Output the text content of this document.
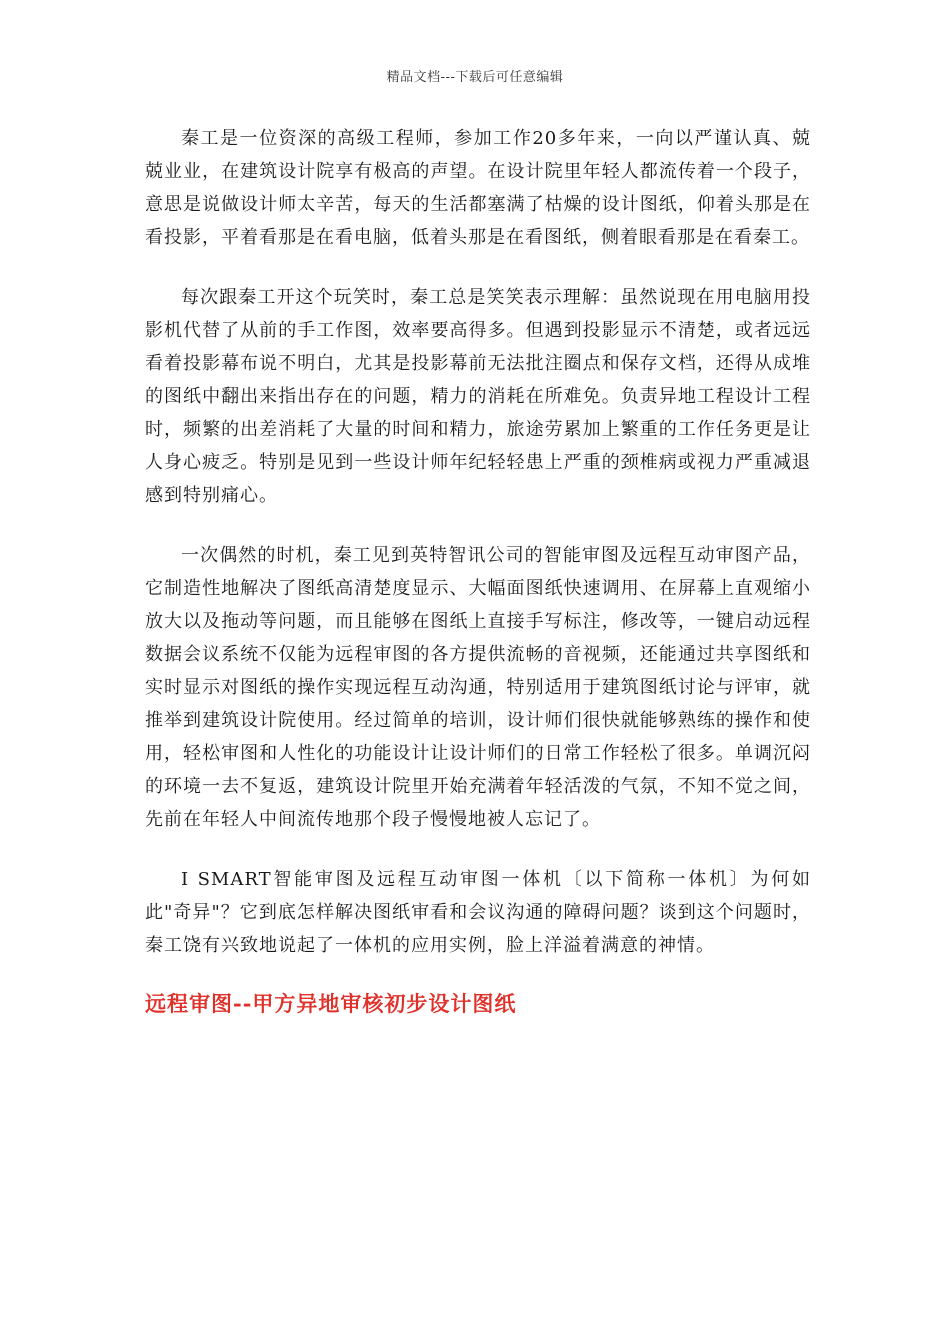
精品文档---下载后可任意编辑

秦工是一位资深的高级工程师，参加工作20多年来，一向以严谨认真、兢兢业业，在建筑设计院享有极高的声望。在设计院里年轻人都流传着一个段子，意思是说做设计师太辛苦，每天的生活都塞满了枯燥的设计图纸，仰着头那是在看投影，平着看那是在看电脑，低着头那是在看图纸，侧着眼看那是在看秦工。

每次跟秦工开这个玩笑时，秦工总是笑笑表示理解：虽然说现在用电脑用投影机代替了从前的手工作图，效率要高得多。但遇到投影显示不清楚，或者远远看着投影幕布说不明白，尤其是投影幕前无法批注圈点和保存文档，还得从成堆的图纸中翻出来指出存在的问题，精力的消耗在所难免。负责异地工程设计工程时，频繁的出差消耗了大量的时间和精力，旅途劳累加上繁重的工作任务更是让人身心疲乏。特别是见到一些设计师年纪轻轻患上严重的颈椎病或视力严重减退感到特别痛心。

一次偶然的时机，秦工见到英特智讯公司的智能审图及远程互动审图产品，它制造性地解决了图纸高清楚度显示、大幅面图纸快速调用、在屏幕上直观缩小放大以及拖动等问题，而且能够在图纸上直接手写标注，修改等，一键启动远程数据会议系统不仅能为远程审图的各方提供流畅的音视频，还能通过共享图纸和实时显示对图纸的操作实现远程互动沟通，特别适用于建筑图纸讨论与评审，就推举到建筑设计院使用。经过简单的培训，设计师们很快就能够熟练的操作和使用，轻松审图和人性化的功能设计让设计师们的日常工作轻松了很多。单调沉闷的环境一去不复返，建筑设计院里开始充满着年轻活泼的气氛，不知不觉之间，先前在年轻人中间流传地那个段子慢慢地被人忘记了。

I SMART智能审图及远程互动审图一体机〔以下简称一体机〕为何如此"奇异"？它到底怎样解决图纸审看和会议沟通的障碍问题？谈到这个问题时，秦工饶有兴致地说起了一体机的应用实例，脸上洋溢着满意的神情。

远程审图--甲方异地审核初步设计图纸
